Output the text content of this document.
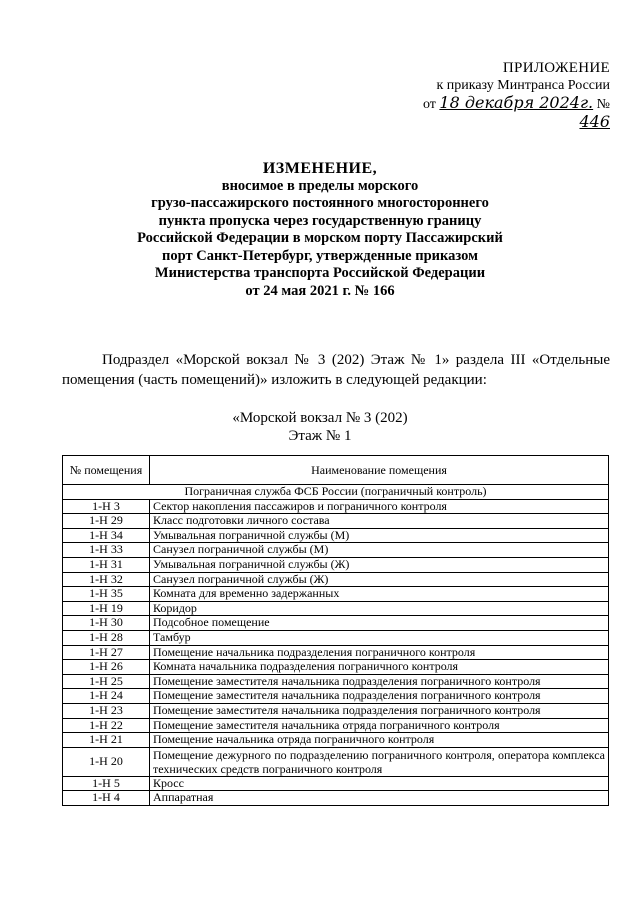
ПРИЛОЖЕНИЕ
к приказу Минтранса России
от 18 декабря 2024г. № 446
ИЗМЕНЕНИЕ,
вносимое в пределы морского
грузо-пассажирского постоянного многостороннего
пункта пропуска через государственную границу
Российской Федерации в морском порту Пассажирский
порт Санкт-Петербург, утвержденные приказом
Министерства транспорта Российской Федерации
от 24 мая 2021 г. № 166
Подраздел «Морской вокзал № 3 (202) Этаж № 1» раздела III «Отдельные помещения (часть помещений)» изложить в следующей редакции:
«Морской вокзал № 3 (202)
Этаж № 1
№ помещения	Наименование помещения
Пограничная служба ФСБ России (пограничный контроль)	
1-Н 3	Сектор накопления пассажиров и пограничного контроля
1-Н 29	Класс подготовки личного состава
1-Н 34	Умывальная пограничной службы (М)
1-Н 33	Санузел пограничной службы (М)
1-Н 31	Умывальная пограничной службы (Ж)
1-Н 32	Санузел пограничной службы (Ж)
1-Н 35	Комната для временно задержанных
1-Н 19	Коридор
1-Н 30	Подсобное помещение
1-Н 28	Тамбур
1-Н 27	Помещение начальника подразделения пограничного контроля
1-Н 26	Комната начальника подразделения пограничного контроля
1-Н 25	Помещение заместителя начальника подразделения пограничного контроля
1-Н 24	Помещение заместителя начальника подразделения пограничного контроля
1-Н 23	Помещение заместителя начальника подразделения пограничного контроля
1-Н 22	Помещение заместителя начальника отряда пограничного контроля
1-Н 21	Помещение начальника отряда пограничного контроля
1-Н 20	Помещение дежурного по подразделению пограничного контроля, оператора комплекса технических средств пограничного контроля
1-Н 5	Кросс
1-Н 4	Аппаратная
